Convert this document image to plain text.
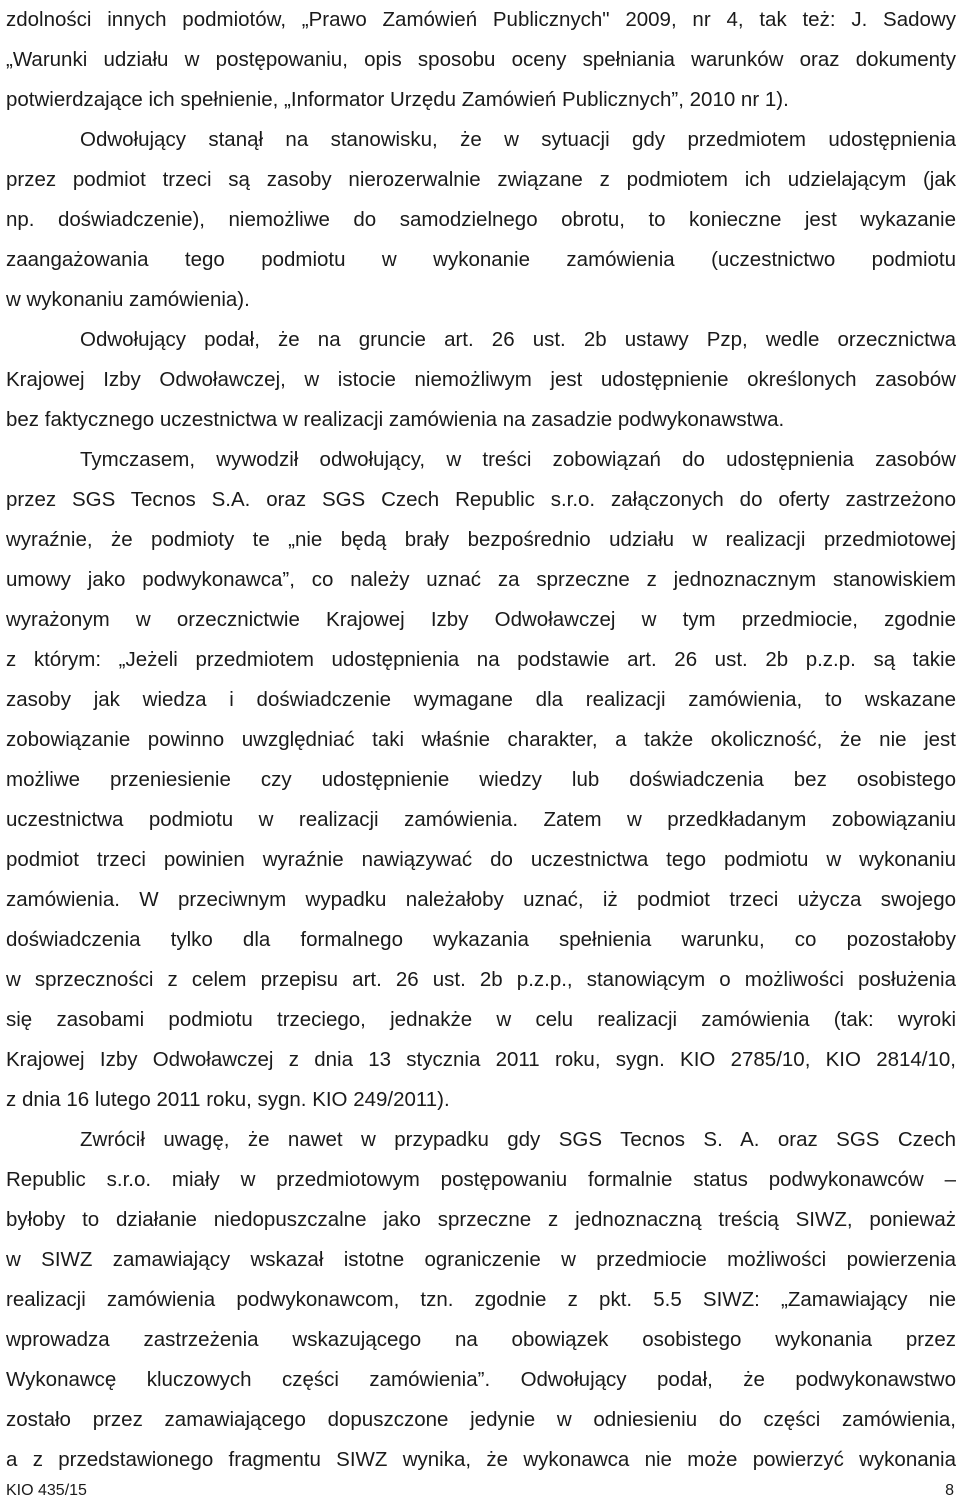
zdolności innych podmiotów, „Prawo Zamówień Publicznych" 2009, nr 4, tak też: J. Sadowy
„Warunki udziału w postępowaniu, opis sposobu oceny spełniania warunków oraz dokumenty
potwierdzające ich spełnienie, „Informator Urzędu Zamówień Publicznych”, 2010 nr 1).
Odwołujący stanął na stanowisku, że w sytuacji gdy przedmiotem udostępnienia
przez podmiot trzeci są zasoby nierozerwalnie związane z podmiotem ich udzielającym (jak
np. doświadczenie), niemożliwe do samodzielnego obrotu, to konieczne jest wykazanie
zaangażowania tego podmiotu w wykonanie zamówienia (uczestnictwo podmiotu
w wykonaniu zamówienia).
Odwołujący podał, że na gruncie art. 26 ust. 2b ustawy Pzp, wedle orzecznictwa
Krajowej Izby Odwoławczej, w istocie niemożliwym jest udostępnienie określonych zasobów
bez faktycznego uczestnictwa w realizacji zamówienia na zasadzie podwykonawstwa.
Tymczasem, wywodził odwołujący, w treści zobowiązań do udostępnienia zasobów
przez SGS Tecnos S.A. oraz SGS Czech Republic s.r.o. załączonych do oferty zastrzeżono
wyraźnie, że podmioty te „nie będą brały bezpośrednio udziału w realizacji przedmiotowej
umowy jako podwykonawca”, co należy uznać za sprzeczne z jednoznacznym stanowiskiem
wyrażonym w orzecznictwie Krajowej Izby Odwoławczej w tym przedmiocie, zgodnie
z którym: „Jeżeli przedmiotem udostępnienia na podstawie art. 26 ust. 2b p.z.p. są takie
zasoby jak wiedza i doświadczenie wymagane dla realizacji zamówienia, to wskazane
zobowiązanie powinno uwzględniać taki właśnie charakter, a także okoliczność, że nie jest
możliwe przeniesienie czy udostępnienie wiedzy lub doświadczenia bez osobistego
uczestnictwa podmiotu w realizacji zamówienia. Zatem w przedkładanym zobowiązaniu
podmiot trzeci powinien wyraźnie nawiązywać do uczestnictwa tego podmiotu w wykonaniu
zamówienia. W przeciwnym wypadku należałoby uznać, iż podmiot trzeci użycza swojego
doświadczenia tylko dla formalnego wykazania spełnienia warunku, co pozostałoby
w sprzeczności z celem przepisu art. 26 ust. 2b p.z.p., stanowiącym o możliwości posłużenia
się zasobami podmiotu trzeciego, jednakże w celu realizacji zamówienia (tak: wyroki
Krajowej Izby Odwoławczej z dnia 13 stycznia 2011 roku, sygn. KIO 2785/10, KIO 2814/10,
z dnia 16 lutego 2011 roku, sygn. KIO 249/2011).
Zwrócił uwagę, że nawet w przypadku gdy SGS Tecnos S. A. oraz SGS Czech
Republic s.r.o. miały w przedmiotowym postępowaniu formalnie status podwykonawców –
byłoby to działanie niedopuszczalne jako sprzeczne z jednoznaczną treścią SIWZ, ponieważ
w SIWZ zamawiający wskazał istotne ograniczenie w przedmiocie możliwości powierzenia
realizacji zamówienia podwykonawcom, tzn. zgodnie z pkt. 5.5 SIWZ: „Zamawiający nie
wprowadza zastrzeżenia wskazującego na obowiązek osobistego wykonania przez
Wykonawcę kluczowych części zamówienia”. Odwołujący podał, że podwykonawstwo
zostało przez zamawiającego dopuszczone jedynie w odniesieniu do części zamówienia,
a z przedstawionego fragmentu SIWZ wynika, że wykonawca nie może powierzyć wykonania
KIO 435/15	8
